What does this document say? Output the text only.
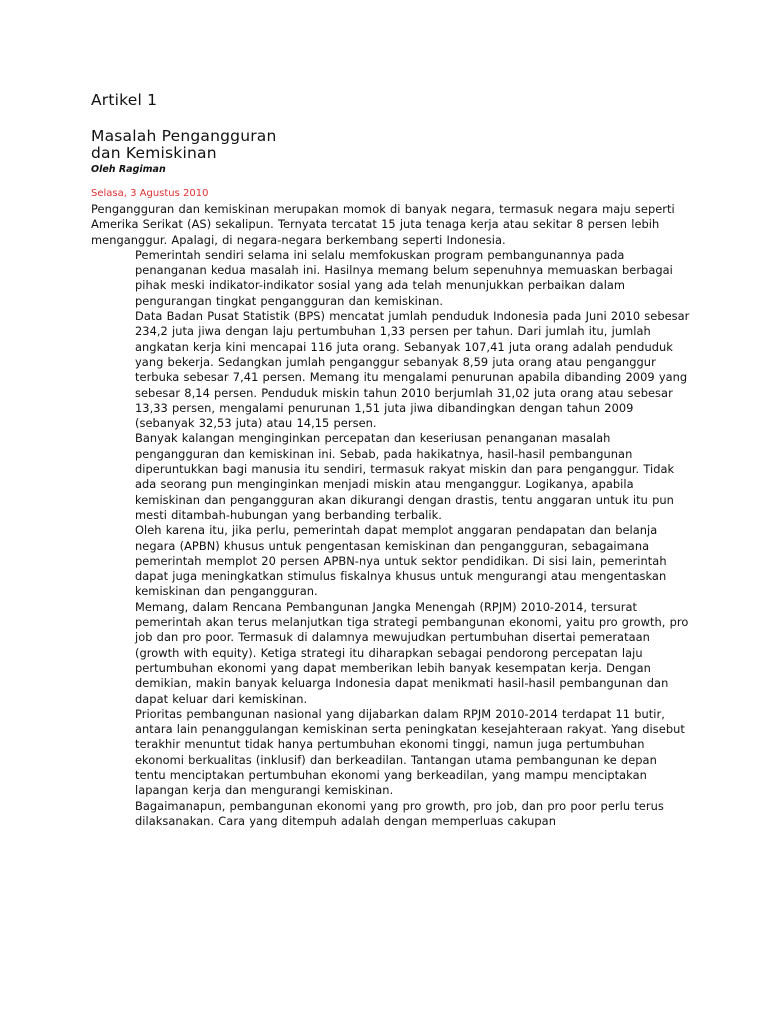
Artikel 1
Masalah Pengangguran
dan Kemiskinan
Oleh Ragiman
Selasa, 3 Agustus 2010

Pengangguran dan kemiskinan merupakan momok di banyak negara, termasuk negara maju seperti Amerika Serikat (AS) sekalipun. Ternyata tercatat 15 juta tenaga kerja atau sekitar 8 persen lebih menganggur. Apalagi, di negara-negara berkembang seperti Indonesia.

Pemerintah sendiri selama ini selalu memfokuskan program pembangunannya pada penanganan kedua masalah ini. Hasilnya memang belum sepenuhnya memuaskan berbagai pihak meski indikator-indikator sosial yang ada telah menunjukkan perbaikan dalam pengurangan tingkat pengangguran dan kemiskinan.

Data Badan Pusat Statistik (BPS) mencatat jumlah penduduk Indonesia pada Juni 2010 sebesar 234,2 juta jiwa dengan laju pertumbuhan 1,33 persen per tahun. Dari jumlah itu, jumlah angkatan kerja kini mencapai 116 juta orang. Sebanyak 107,41 juta orang adalah penduduk yang bekerja. Sedangkan jumlah penganggur sebanyak 8,59 juta orang atau penganggur terbuka sebesar 7,41 persen. Memang itu mengalami penurunan apabila dibanding 2009 yang sebesar 8,14 persen. Penduduk miskin tahun 2010 berjumlah 31,02 juta orang atau sebesar 13,33 persen, mengalami penurunan 1,51 juta jiwa dibandingkan dengan tahun 2009 (sebanyak 32,53 juta) atau 14,15 persen.

Banyak kalangan menginginkan percepatan dan keseriusan penanganan masalah pengangguran dan kemiskinan ini. Sebab, pada hakikatnya, hasil-hasil pembangunan diperuntukkan bagi manusia itu sendiri, termasuk rakyat miskin dan para penganggur. Tidak ada seorang pun menginginkan menjadi miskin atau menganggur. Logikanya, apabila kemiskinan dan pengangguran akan dikurangi dengan drastis, tentu anggaran untuk itu pun mesti ditambah-hubungan yang berbanding terbalik.

Oleh karena itu, jika perlu, pemerintah dapat memplot anggaran pendapatan dan belanja negara (APBN) khusus untuk pengentasan kemiskinan dan pengangguran, sebagaimana pemerintah memplot 20 persen APBN-nya untuk sektor pendidikan. Di sisi lain, pemerintah dapat juga meningkatkan stimulus fiskalnya khusus untuk mengurangi atau mengentaskan kemiskinan dan pengangguran.

Memang, dalam Rencana Pembangunan Jangka Menengah (RPJM) 2010-2014, tersurat pemerintah akan terus melanjutkan tiga strategi pembangunan ekonomi, yaitu pro growth, pro job dan pro poor. Termasuk di dalamnya mewujudkan pertumbuhan disertai pemerataan (growth with equity). Ketiga strategi itu diharapkan sebagai pendorong percepatan laju pertumbuhan ekonomi yang dapat memberikan lebih banyak kesempatan kerja. Dengan demikian, makin banyak keluarga Indonesia dapat menikmati hasil-hasil pembangunan dan dapat keluar dari kemiskinan.

Prioritas pembangunan nasional yang dijabarkan dalam RPJM 2010-2014 terdapat 11 butir, antara lain penanggulangan kemiskinan serta peningkatan kesejahteraan rakyat. Yang disebut terakhir menuntut tidak hanya pertumbuhan ekonomi tinggi, namun juga pertumbuhan ekonomi berkualitas (inklusif) dan berkeadilan. Tantangan utama pembangunan ke depan tentu menciptakan pertumbuhan ekonomi yang berkeadilan, yang mampu menciptakan lapangan kerja dan mengurangi kemiskinan.

Bagaimanapun, pembangunan ekonomi yang pro growth, pro job, dan pro poor perlu terus dilaksanakan. Cara yang ditempuh adalah dengan memperluas cakupan
